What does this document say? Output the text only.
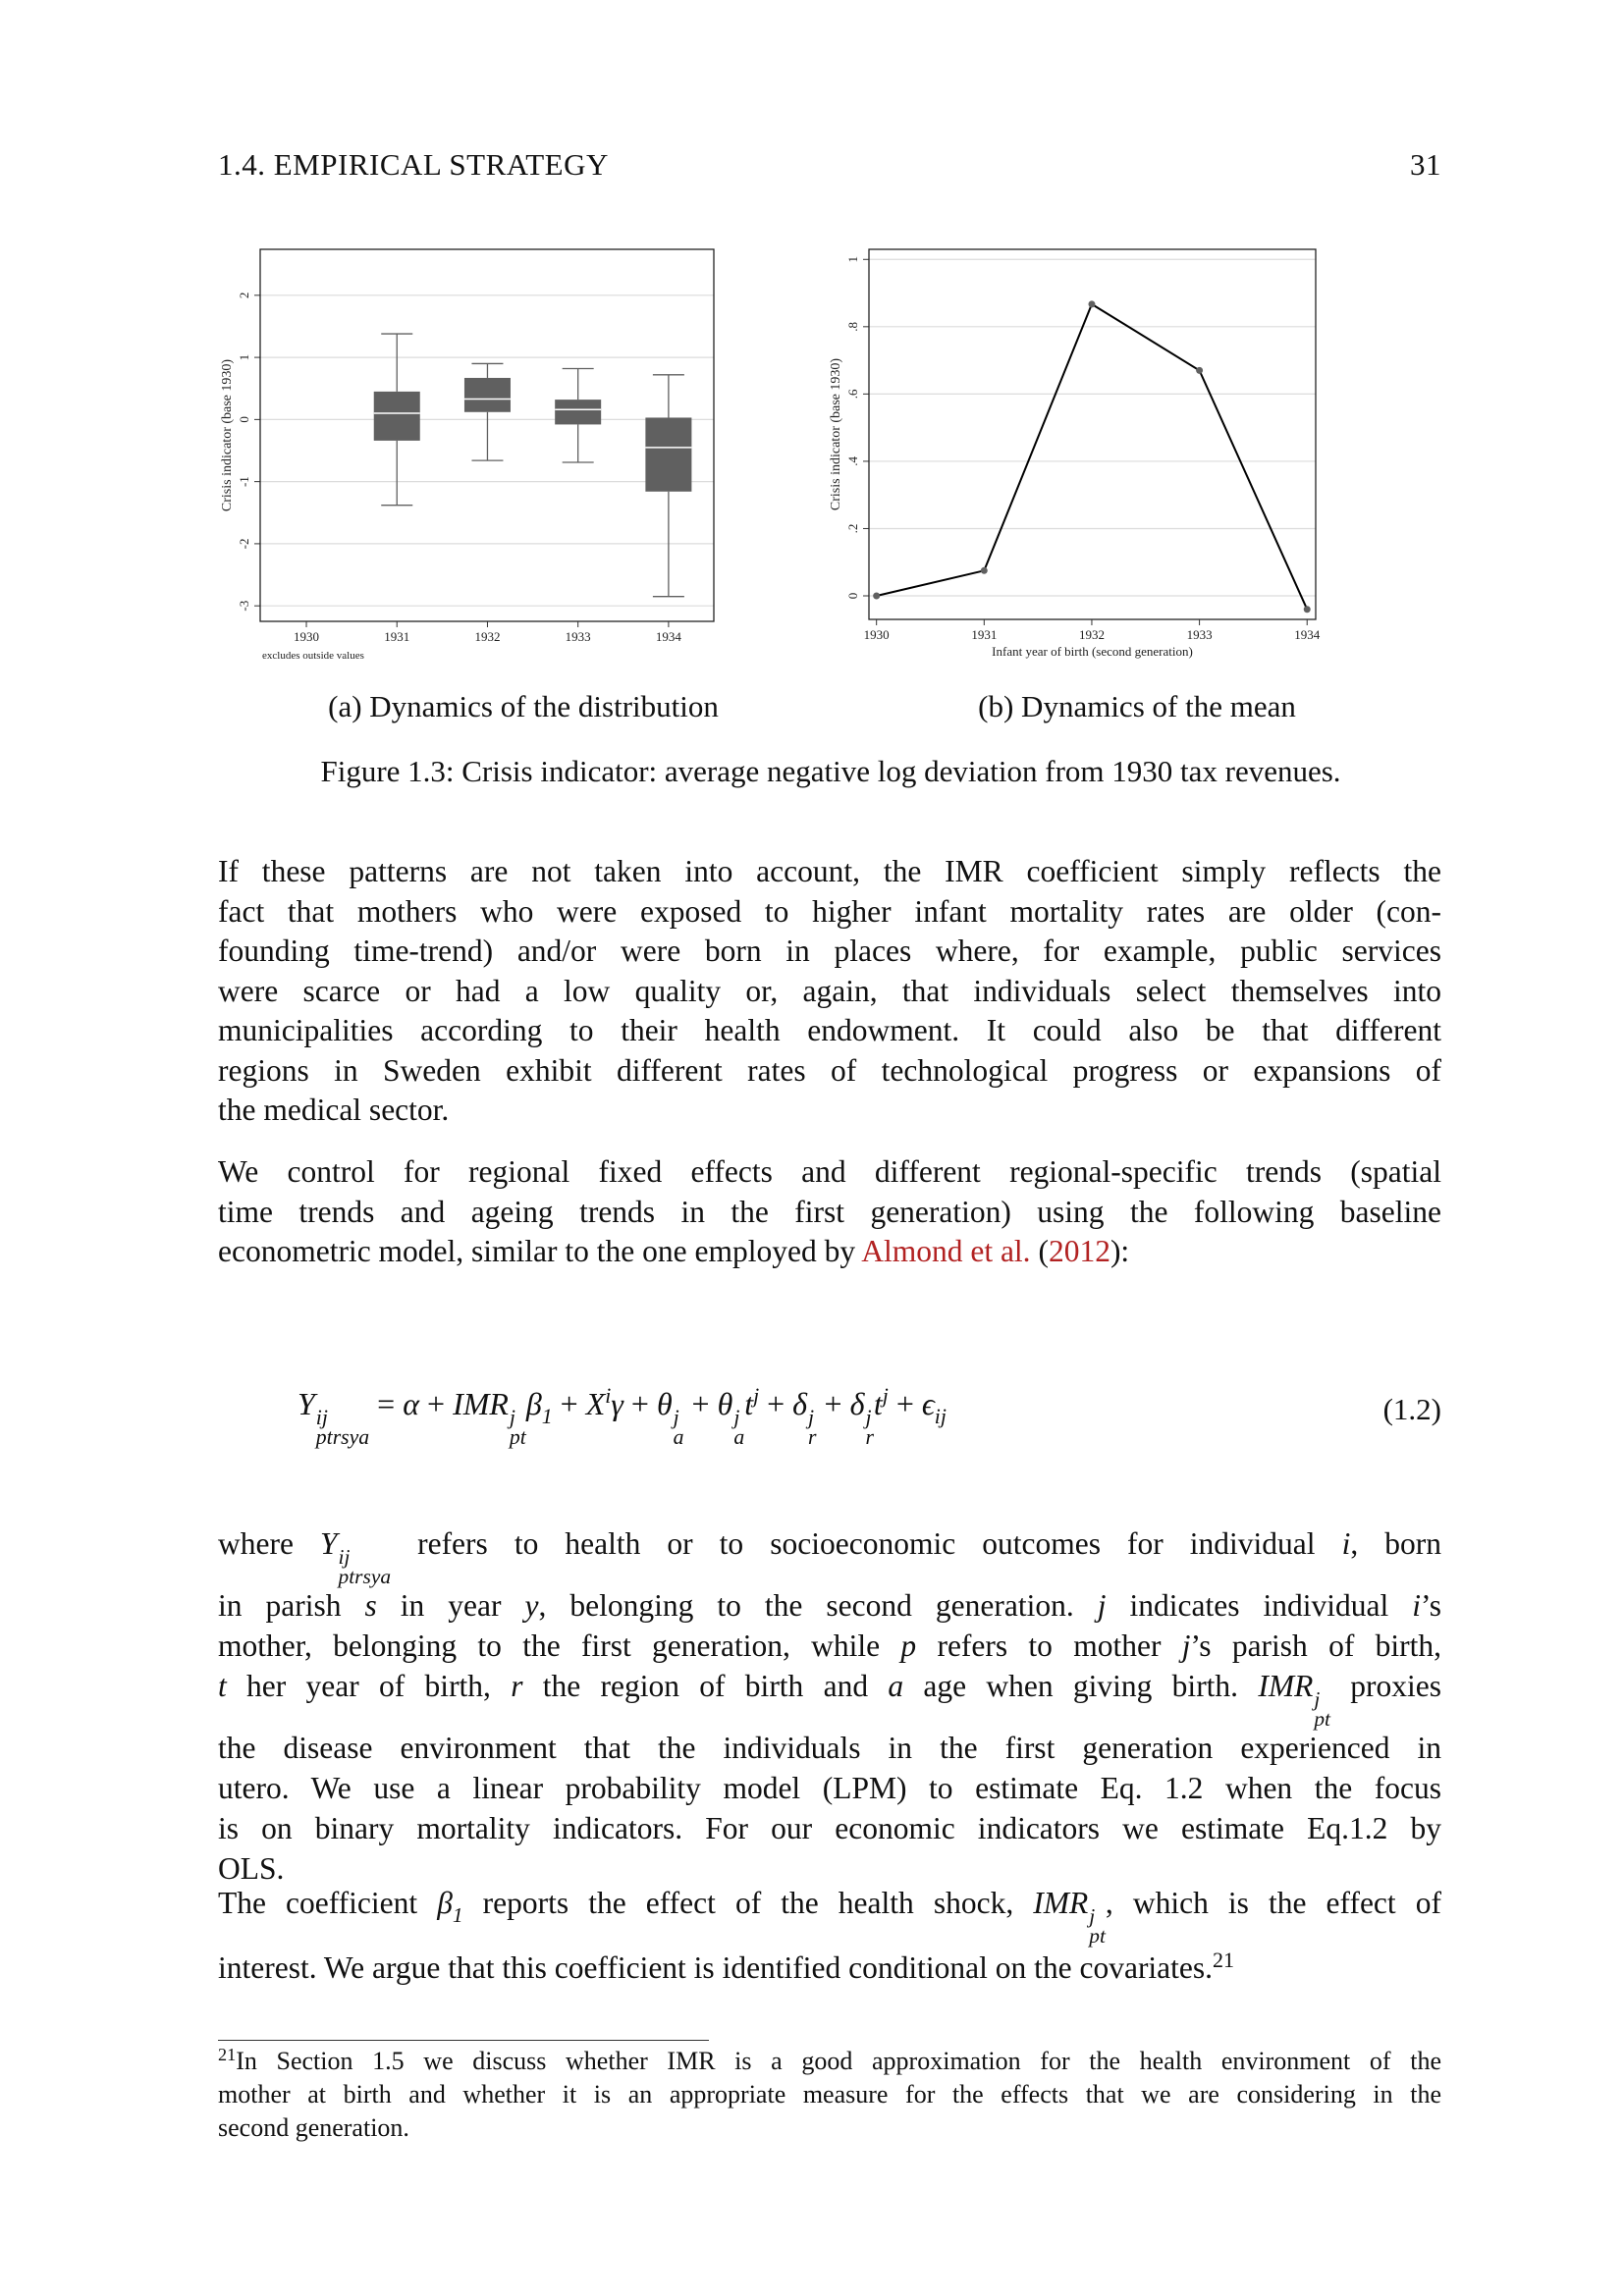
1.4. EMPIRICAL STRATEGY	31
2
1
0
-1
-2
-3
Crisis indicator (base 1930)
1930	1931	1932	1933	1934
excludes outside values
0
.2
.4
.6
.8
1
Crisis indicator (base 1930)
1930	1931	1932	1933	1934
Infant year of birth (second generation)
(a) Dynamics of the distribution	(b) Dynamics of the mean
Figure 1.3: Crisis indicator: average negative log deviation from 1930 tax revenues.
If these patterns are not taken into account, the IMR coefficient simply reflects the
fact that mothers who were exposed to higher infant mortality rates are older (con-
founding time-trend) and/or were born in places where, for example, public services
were scarce or had a low quality or, again, that individuals select themselves into
municipalities according to their health endowment. It could also be that different
regions in Sweden exhibit different rates of technological progress or expansions of
the medical sector.
We control for regional fixed effects and different regional-specific trends (spatial
time trends and ageing trends in the first generation) using the following baseline
econometric model, similar to the one employed by Almond et al. (2012):
Y ij
ptrsya
= α + IMR j
pt
$\beta_1 + X^i\gamma + \theta$ j
a
+ θ j
a
$t^j + \delta$ j
r
+ δ j
r
$t^j + \epsilon_{ij}$	(1.2)
where Y ij
ptrsya
refers to health or to socioeconomic outcomes for individual i, born
in parish s in year y, belonging to the second generation. j indicates individual i’s
mother, belonging to the first generation, while p refers to mother j’s parish of birth,
t her year of birth, r the region of birth and a age when giving birth. IMR j
pt
proxies
the disease environment that the individuals in the first generation experienced in
utero. We use a linear probability model (LPM) to estimate Eq. 1.2 when the focus
is on binary mortality indicators. For our economic indicators we estimate Eq.1.2 by
OLS.
The coefficient $\beta_1$ reports the effect of the health shock, IMR j
pt
, which is the effect of
interest. We argue that this coefficient is identified conditional on the covariates.$^{21}$
$^{21}$In Section 1.5 we discuss whether IMR is a good approximation for the health environment of the
mother at birth and whether it is an appropriate measure for the effects that we are considering in the
second generation.
